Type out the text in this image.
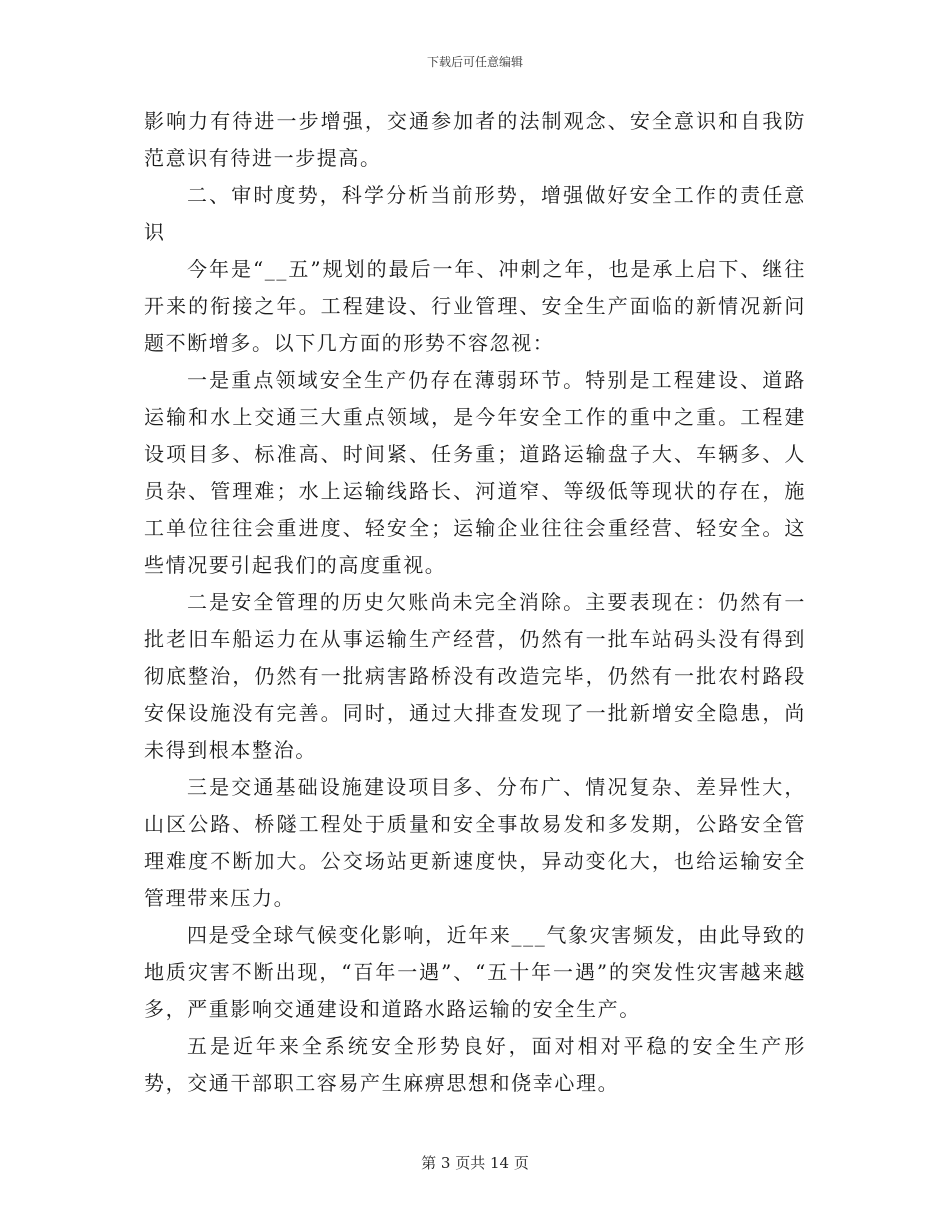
下载后可任意编辑

影响力有待进一步增强，交通参加者的法制观念、安全意识和自我防范意识有待进一步提高。

二、审时度势，科学分析当前形势，增强做好安全工作的责任意识

今年是“__五”规划的最后一年、冲刺之年，也是承上启下、继往开来的衔接之年。工程建设、行业管理、安全生产面临的新情况新问题不断增多。以下几方面的形势不容忽视：

一是重点领域安全生产仍存在薄弱环节。特别是工程建设、道路运输和水上交通三大重点领域，是今年安全工作的重中之重。工程建设项目多、标准高、时间紧、任务重；道路运输盘子大、车辆多、人员杂、管理难；水上运输线路长、河道窄、等级低等现状的存在，施工单位往往会重进度、轻安全；运输企业往往会重经营、轻安全。这些情况要引起我们的高度重视。

二是安全管理的历史欠账尚未完全消除。主要表现在：仍然有一批老旧车船运力在从事运输生产经营，仍然有一批车站码头没有得到彻底整治，仍然有一批病害路桥没有改造完毕，仍然有一批农村路段安保设施没有完善。同时，通过大排查发现了一批新增安全隐患，尚未得到根本整治。

三是交通基础设施建设项目多、分布广、情况复杂、差异性大，山区公路、桥隧工程处于质量和安全事故易发和多发期，公路安全管理难度不断加大。公交场站更新速度快，异动变化大，也给运输安全管理带来压力。

四是受全球气候变化影响，近年来___气象灾害频发，由此导致的地质灾害不断出现，“百年一遇”、“五十年一遇”的突发性灾害越来越多，严重影响交通建设和道路水路运输的安全生产。

五是近年来全系统安全形势良好，面对相对平稳的安全生产形势，交通干部职工容易产生麻痹思想和侥幸心理。

第 3 页共 14 页
